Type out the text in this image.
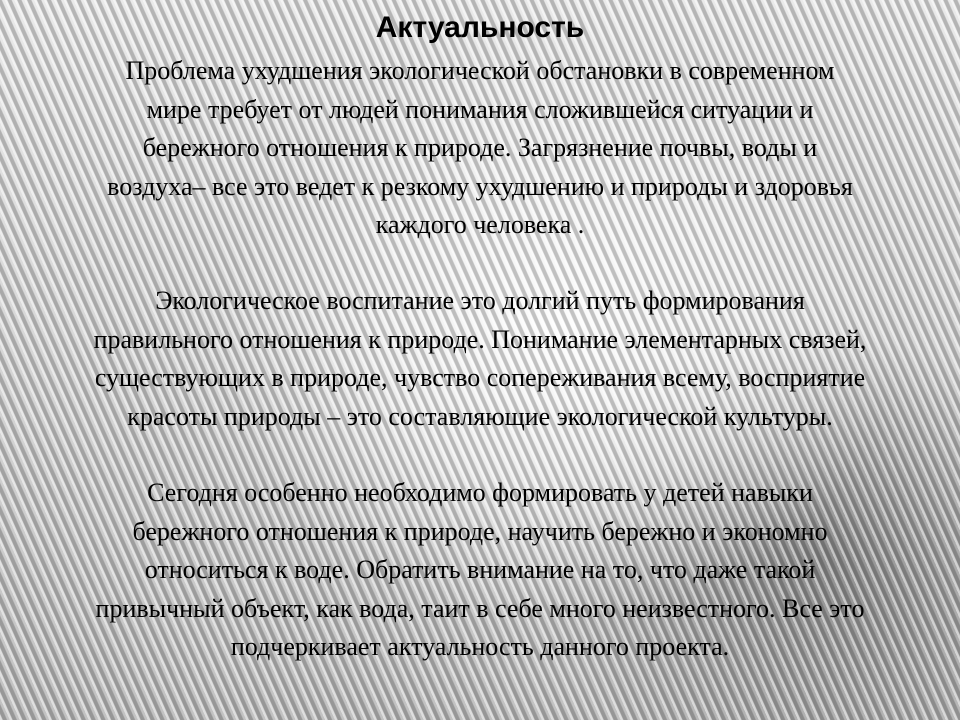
Актуальность

Проблема ухудшения экологической обстановки в современном
мире требует от людей понимания сложившейся ситуации и
бережного отношения к природе. Загрязнение почвы, воды и
воздуха– все это ведет к резкому ухудшению и природы и здоровья
каждого человека .

Экологическое воспитание это долгий путь формирования
правильного отношения к природе. Понимание элементарных связей,
существующих в природе, чувство сопереживания всему, восприятие
красоты природы – это составляющие экологической культуры.

Сегодня особенно необходимо формировать у детей навыки
бережного отношения к природе, научить бережно и экономно
относиться к воде. Обратить внимание на то, что даже такой
привычный объект, как вода, таит в себе много неизвестного. Все это
подчеркивает актуальность данного проекта.
